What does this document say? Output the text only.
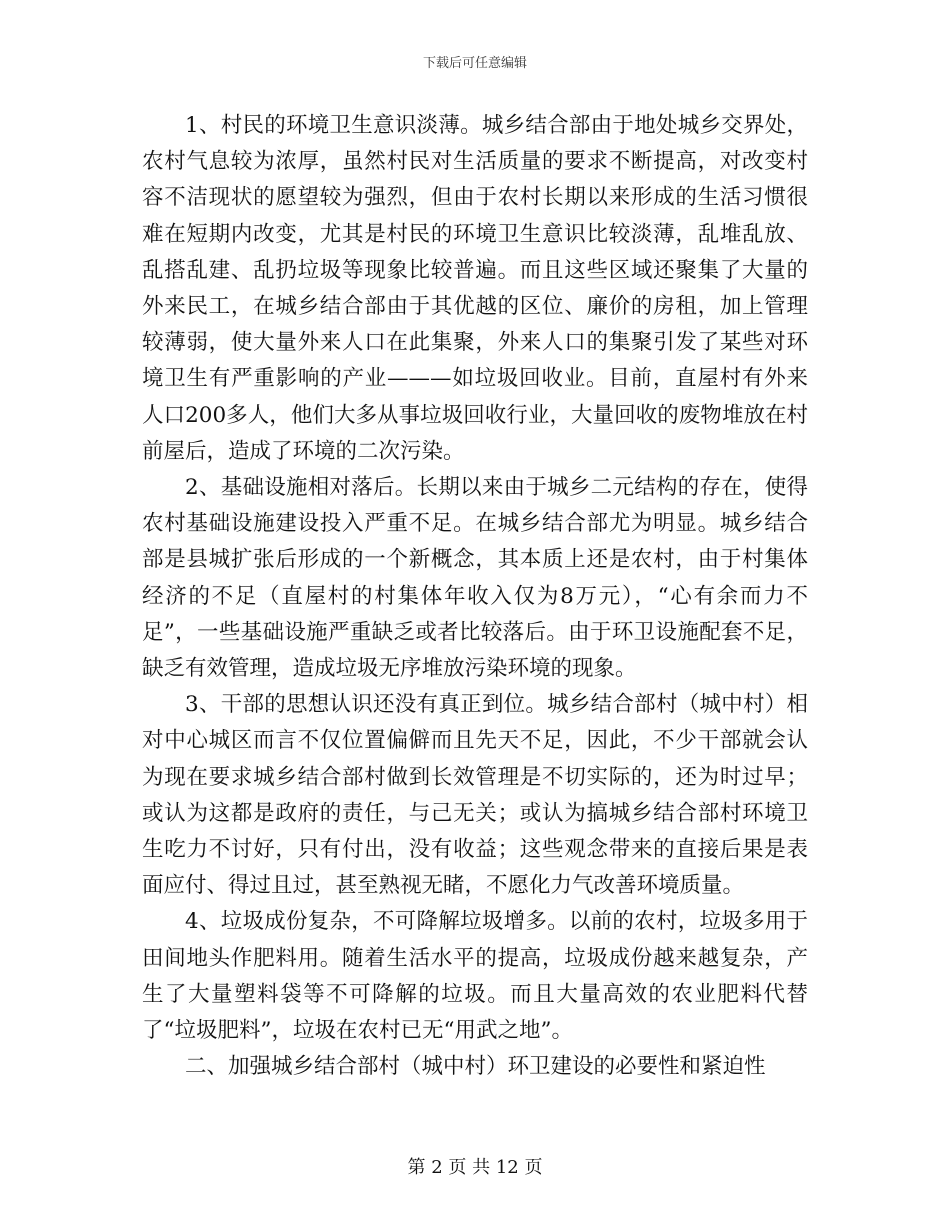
下载后可任意编辑

1、村民的环境卫生意识淡薄。城乡结合部由于地处城乡交界处，农村气息较为浓厚，虽然村民对生活质量的要求不断提高，对改变村容不洁现状的愿望较为强烈，但由于农村长期以来形成的生活习惯很难在短期内改变，尤其是村民的环境卫生意识比较淡薄，乱堆乱放、乱搭乱建、乱扔垃圾等现象比较普遍。而且这些区域还聚集了大量的外来民工，在城乡结合部由于其优越的区位、廉价的房租，加上管理较薄弱，使大量外来人口在此集聚，外来人口的集聚引发了某些对环境卫生有严重影响的产业———如垃圾回收业。目前，直屋村有外来人口200多人，他们大多从事垃圾回收行业，大量回收的废物堆放在村前屋后，造成了环境的二次污染。

2、基础设施相对落后。长期以来由于城乡二元结构的存在，使得农村基础设施建设投入严重不足。在城乡结合部尤为明显。城乡结合部是县城扩张后形成的一个新概念，其本质上还是农村，由于村集体经济的不足（直屋村的村集体年收入仅为8万元），“心有余而力不足”，一些基础设施严重缺乏或者比较落后。由于环卫设施配套不足，缺乏有效管理，造成垃圾无序堆放污染环境的现象。

3、干部的思想认识还没有真正到位。城乡结合部村（城中村）相对中心城区而言不仅位置偏僻而且先天不足，因此，不少干部就会认为现在要求城乡结合部村做到长效管理是不切实际的，还为时过早；或认为这都是政府的责任，与己无关；或认为搞城乡结合部村环境卫生吃力不讨好，只有付出，没有收益；这些观念带来的直接后果是表面应付、得过且过，甚至熟视无睹，不愿化力气改善环境质量。

4、垃圾成份复杂，不可降解垃圾增多。以前的农村，垃圾多用于田间地头作肥料用。随着生活水平的提高，垃圾成份越来越复杂，产生了大量塑料袋等不可降解的垃圾。而且大量高效的农业肥料代替了“垃圾肥料”，垃圾在农村已无“用武之地”。

二、加强城乡结合部村（城中村）环卫建设的必要性和紧迫性

第 2 页 共 12 页
